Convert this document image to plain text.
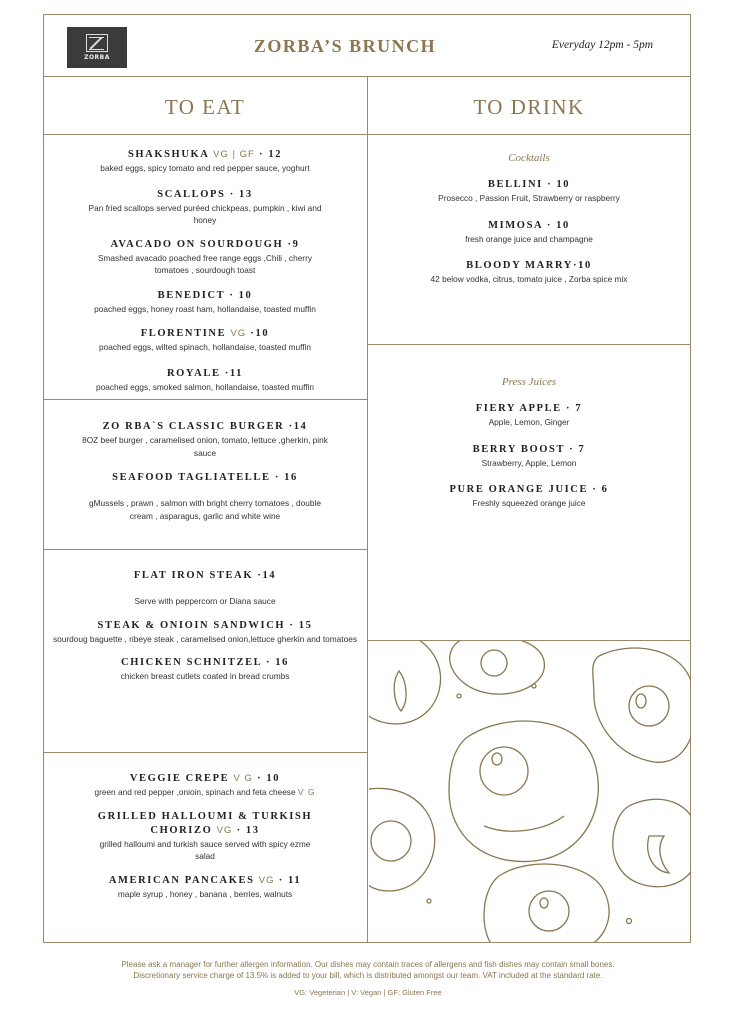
ZORBA
ZORBA’S BRUNCH	Everyday 12pm - 5pm
TO EAT	TO DRINK
SHAKSHUKA VG | GF · 12
baked eggs, spicy tomato and red pepper sauce, yoghurt
SCALLOPS · 13
Pan fried scallops served puréed chickpeas, pumpkin , kiwi and honey
AVACADO ON SOURDOUGH ·9
Smashed avacado poached free range eggs ,Chili , cherry tomatoes , sourdough toast
BENEDICT · 10
poached eggs, honey roast ham, hollandaise, toasted muffin
FLORENTINE VG ·10
poached eggs, wilted spinach, hollandaise, toasted muffin
ROYALE ·11
poached eggs, smoked salmon, hollandaise, toasted muffin
ZO RBA`S CLASSIC BURGER ·14
8OZ beef burger , caramelised onion, tomato, lettuce ,gherkin, pink sauce
SEAFOOD TAGLIATELLE · 16
gMussels , prawn , salmon with bright cherry tomatoes , double cream , asparagus, garlic and white wine
FLAT IRON STEAK ·14
Serve with peppercorn or Diana sauce
STEAK & ONIOIN SANDWICH · 15
sourdoug baguette , ribeye steak , caramelised onion,lettuce gherkin and tomatoes
CHICKEN SCHNITZEL · 16
chicken breast cutlets coated in bread crumbs
VEGGIE CREPE V G · 10
green and red pepper ,onioin, spinach and feta cheese V G
GRILLED HALLOUMI & TURKISH CHORIZO VG · 13
grilled halloumi and turkish sauce served with spicy ezme salad
AMERICAN PANCAKES VG · 11
maple syrup , honey , banana , berries, walnuts
Cocktails
BELLINI · 10
Prosecco , Passion Fruit, Strawberry or raspberry
MIMOSA · 10
fresh orange juice and champagne
BLOODY MARRY·10
42 below vodka, citrus, tomato juice , Zorba spice mix
Press Juices
FIERY APPLE · 7
Apple, Lemon, Ginger
BERRY BOOST · 7
Strawberry, Apple, Lemon
PURE ORANGE JUICE · 6
Freshly squeezed orange juice
Please ask a manager for further allergen information. Our dishes may contain traces of allergens and fish dishes may contain small bones.
Discretionary service charge of 13.5% is added to your bill, which is distributed amongst our team. VAT included at the standard rate.
VG: Vegeterian | V: Vegan | GF: Gluten Free
